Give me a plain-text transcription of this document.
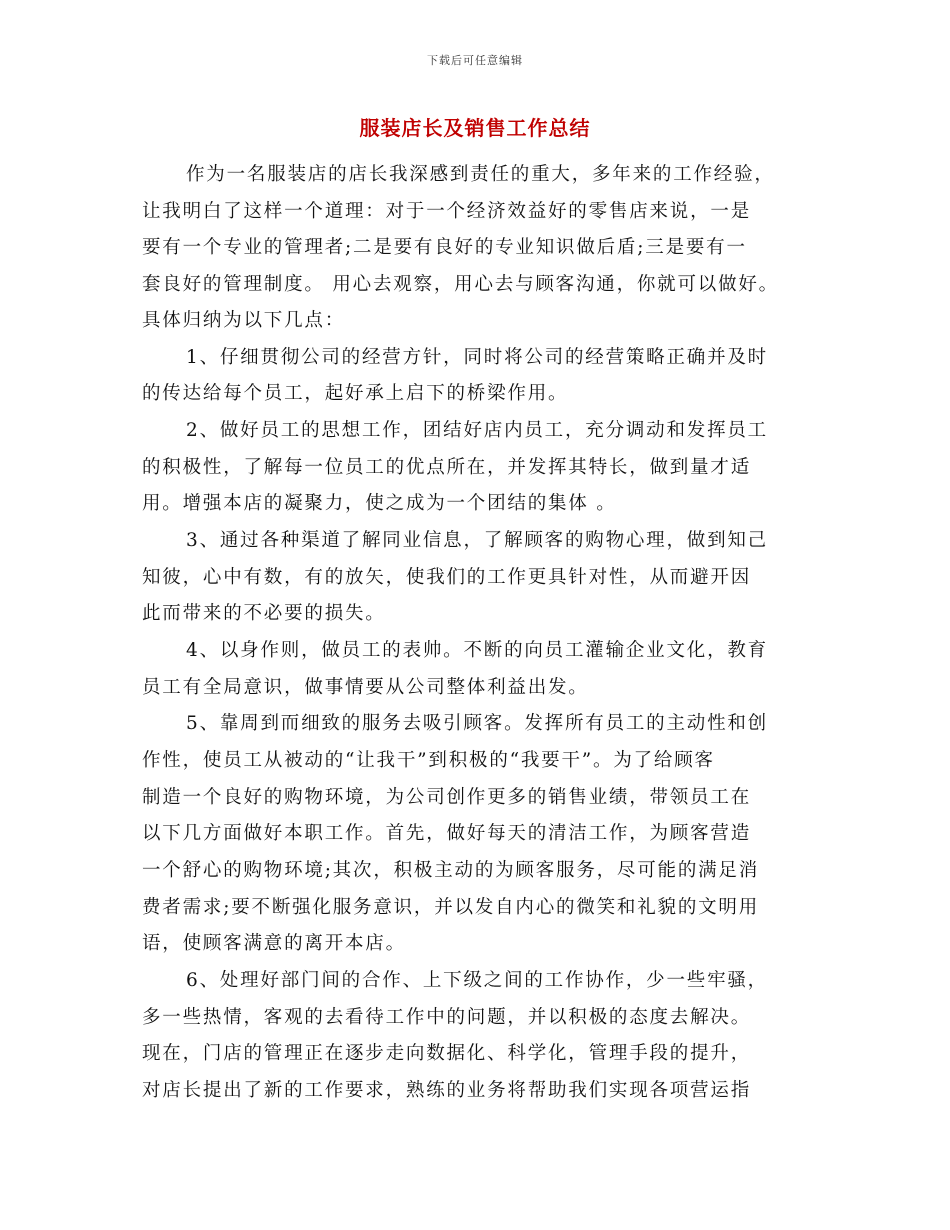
下载后可任意编辑
服装店长及销售工作总结
作为一名服装店的店长我深感到责任的重大，多年来的工作经验，
让我明白了这样一个道理：对于一个经济效益好的零售店来说，一是
要有一个专业的管理者;二是要有良好的专业知识做后盾;三是要有一
套良好的管理制度。 用心去观察，用心去与顾客沟通，你就可以做好。
具体归纳为以下几点：
1、仔细贯彻公司的经营方针，同时将公司的经营策略正确并及时
的传达给每个员工，起好承上启下的桥梁作用。
2、做好员工的思想工作，团结好店内员工，充分调动和发挥员工
的积极性，了解每一位员工的优点所在，并发挥其特长，做到量才适
用。增强本店的凝聚力，使之成为一个团结的集体 。
3、通过各种渠道了解同业信息，了解顾客的购物心理，做到知己
知彼，心中有数，有的放矢，使我们的工作更具针对性，从而避开因
此而带来的不必要的损失。
4、以身作则，做员工的表帅。不断的向员工灌输企业文化，教育
员工有全局意识，做事情要从公司整体利益出发。
5、靠周到而细致的服务去吸引顾客。发挥所有员工的主动性和创
作性，使员工从被动的“让我干”到积极的“我要干”。为了给顾客
制造一个良好的购物环境，为公司创作更多的销售业绩，带领员工在
以下几方面做好本职工作。首先，做好每天的清洁工作，为顾客营造
一个舒心的购物环境;其次，积极主动的为顾客服务，尽可能的满足消
费者需求;要不断强化服务意识，并以发自内心的微笑和礼貌的文明用
语，使顾客满意的离开本店。
6、处理好部门间的合作、上下级之间的工作协作，少一些牢骚，
多一些热情，客观的去看待工作中的问题，并以积极的态度去解决。
现在，门店的管理正在逐步走向数据化、科学化，管理手段的提升，
对店长提出了新的工作要求，熟练的业务将帮助我们实现各项营运指
